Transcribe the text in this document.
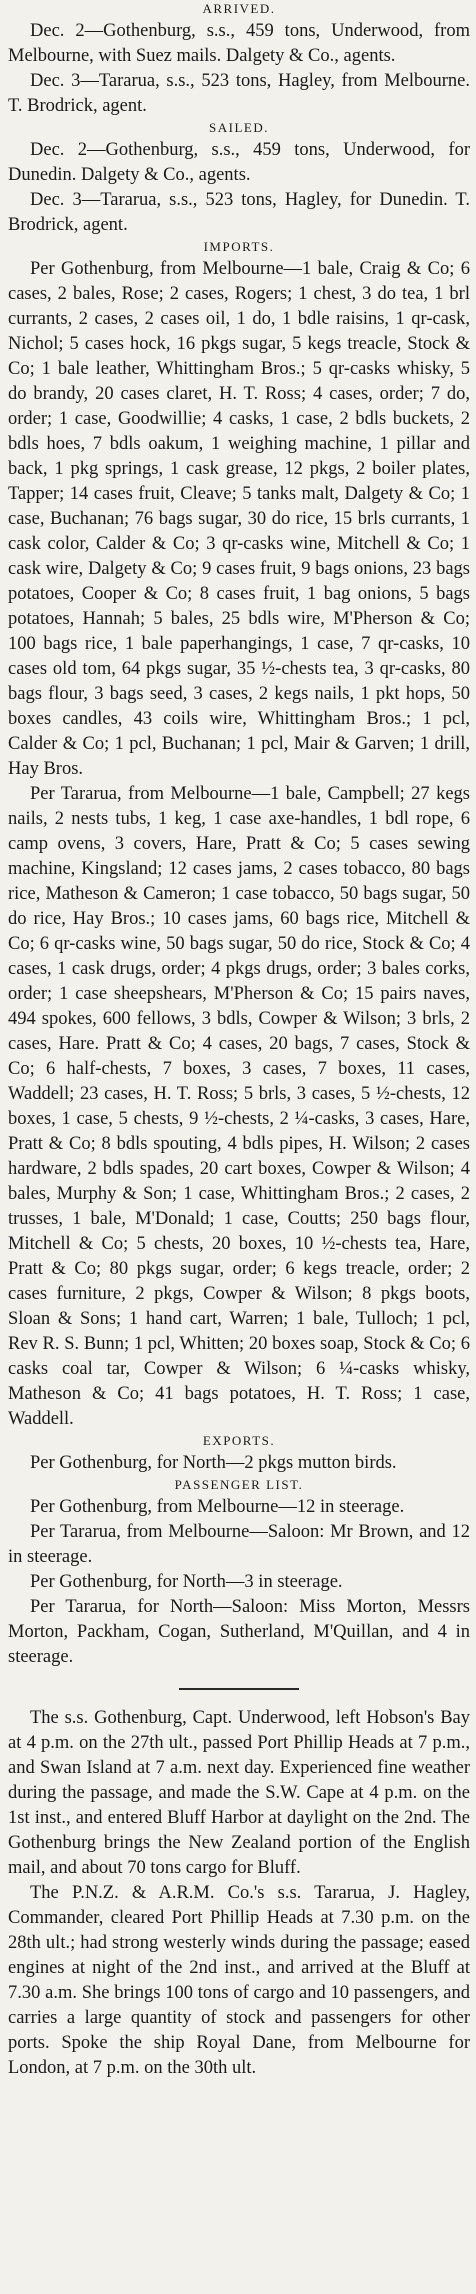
ARRIVED.

Dec. 2—Gothenburg, s.s., 459 tons, Underwood, from Melbourne, with Suez mails. Dalgety & Co., agents.

Dec. 3—Tararua, s.s., 523 tons, Hagley, from Melbourne. T. Brodrick, agent.

SAILED.

Dec. 2—Gothenburg, s.s., 459 tons, Underwood, for Dunedin. Dalgety & Co., agents.

Dec. 3—Tararua, s.s., 523 tons, Hagley, for Dunedin. T. Brodrick, agent.

IMPORTS.

Per Gothenburg, from Melbourne—1 bale, Craig & Co; 6 cases, 2 bales, Rose; 2 cases, Rogers; 1 chest, 3 do tea, 1 brl currants, 2 cases, 2 cases oil, 1 do, 1 bdle raisins, 1 qr-cask, Nichol; 5 cases hock, 16 pkgs sugar, 5 kegs treacle, Stock & Co; 1 bale leather, Whittingham Bros.; 5 qr-casks whisky, 5 do brandy, 20 cases claret, H. T. Ross; 4 cases, order; 7 do, order; 1 case, Goodwillie; 4 casks, 1 case, 2 bdls buckets, 2 bdls hoes, 7 bdls oakum, 1 weighing machine, 1 pillar and back, 1 pkg springs, 1 cask grease, 12 pkgs, 2 boiler plates, Tapper; 14 cases fruit, Cleave; 5 tanks malt, Dalgety & Co; 1 case, Buchanan; 76 bags sugar, 30 do rice, 15 brls currants, 1 cask color, Calder & Co; 3 qr-casks wine, Mitchell & Co; 1 cask wire, Dalgety & Co; 9 cases fruit, 9 bags onions, 23 bags potatoes, Cooper & Co; 8 cases fruit, 1 bag onions, 5 bags potatoes, Hannah; 5 bales, 25 bdls wire, M'Pherson & Co; 100 bags rice, 1 bale paperhangings, 1 case, 7 qr-casks, 10 cases old tom, 64 pkgs sugar, 35 ½-chests tea, 3 qr-casks, 80 bags flour, 3 bags seed, 3 cases, 2 kegs nails, 1 pkt hops, 50 boxes candles, 43 coils wire, Whittingham Bros.; 1 pcl, Calder & Co; 1 pcl, Buchanan; 1 pcl, Mair & Garven; 1 drill, Hay Bros.

Per Tararua, from Melbourne—1 bale, Campbell; 27 kegs nails, 2 nests tubs, 1 keg, 1 case axe-handles, 1 bdl rope, 6 camp ovens, 3 covers, Hare, Pratt & Co; 5 cases sewing machine, Kingsland; 12 cases jams, 2 cases tobacco, 80 bags rice, Matheson & Cameron; 1 case tobacco, 50 bags sugar, 50 do rice, Hay Bros.; 10 cases jams, 60 bags rice, Mitchell & Co; 6 qr-casks wine, 50 bags sugar, 50 do rice, Stock & Co; 4 cases, 1 cask drugs, order; 4 pkgs drugs, order; 3 bales corks, order; 1 case sheepshears, M'Pherson & Co; 15 pairs naves, 494 spokes, 600 fellows, 3 bdls, Cowper & Wilson; 3 brls, 2 cases, Hare. Pratt & Co; 4 cases, 20 bags, 7 cases, Stock & Co; 6 half-chests, 7 boxes, 3 cases, 7 boxes, 11 cases, Waddell; 23 cases, H. T. Ross; 5 brls, 3 cases, 5 ½-chests, 12 boxes, 1 case, 5 chests, 9 ½-chests, 2 ¼-casks, 3 cases, Hare, Pratt & Co; 8 bdls spouting, 4 bdls pipes, H. Wilson; 2 cases hardware, 2 bdls spades, 20 cart boxes, Cowper & Wilson; 4 bales, Murphy & Son; 1 case, Whittingham Bros.; 2 cases, 2 trusses, 1 bale, M'Donald; 1 case, Coutts; 250 bags flour, Mitchell & Co; 5 chests, 20 boxes, 10 ½-chests tea, Hare, Pratt & Co; 80 pkgs sugar, order; 6 kegs treacle, order; 2 cases furniture, 2 pkgs, Cowper & Wilson; 8 pkgs boots, Sloan & Sons; 1 hand cart, Warren; 1 bale, Tulloch; 1 pcl, Rev R. S. Bunn; 1 pcl, Whitten; 20 boxes soap, Stock & Co; 6 casks coal tar, Cowper & Wilson; 6 ¼-casks whisky, Matheson & Co; 41 bags potatoes, H. T. Ross; 1 case, Waddell.

EXPORTS.

Per Gothenburg, for North—2 pkgs mutton birds.

PASSENGER LIST.

Per Gothenburg, from Melbourne—12 in steerage.

Per Tararua, from Melbourne—Saloon: Mr Brown, and 12 in steerage.

Per Gothenburg, for North—3 in steerage.

Per Tararua, for North—Saloon: Miss Morton, Messrs Morton, Packham, Cogan, Sutherland, M'Quillan, and 4 in steerage.

The s.s. Gothenburg, Capt. Underwood, left Hobson's Bay at 4 p.m. on the 27th ult., passed Port Phillip Heads at 7 p.m., and Swan Island at 7 a.m. next day. Experienced fine weather during the passage, and made the S.W. Cape at 4 p.m. on the 1st inst., and entered Bluff Harbor at daylight on the 2nd. The Gothenburg brings the New Zealand portion of the English mail, and about 70 tons cargo for Bluff.

The P.N.Z. & A.R.M. Co.'s s.s. Tararua, J. Hagley, Commander, cleared Port Phillip Heads at 7.30 p.m. on the 28th ult.; had strong westerly winds during the passage; eased engines at night of the 2nd inst., and arrived at the Bluff at 7.30 a.m. She brings 100 tons of cargo and 10 passengers, and carries a large quantity of stock and passengers for other ports. Spoke the ship Royal Dane, from Melbourne for London, at 7 p.m. on the 30th ult.
